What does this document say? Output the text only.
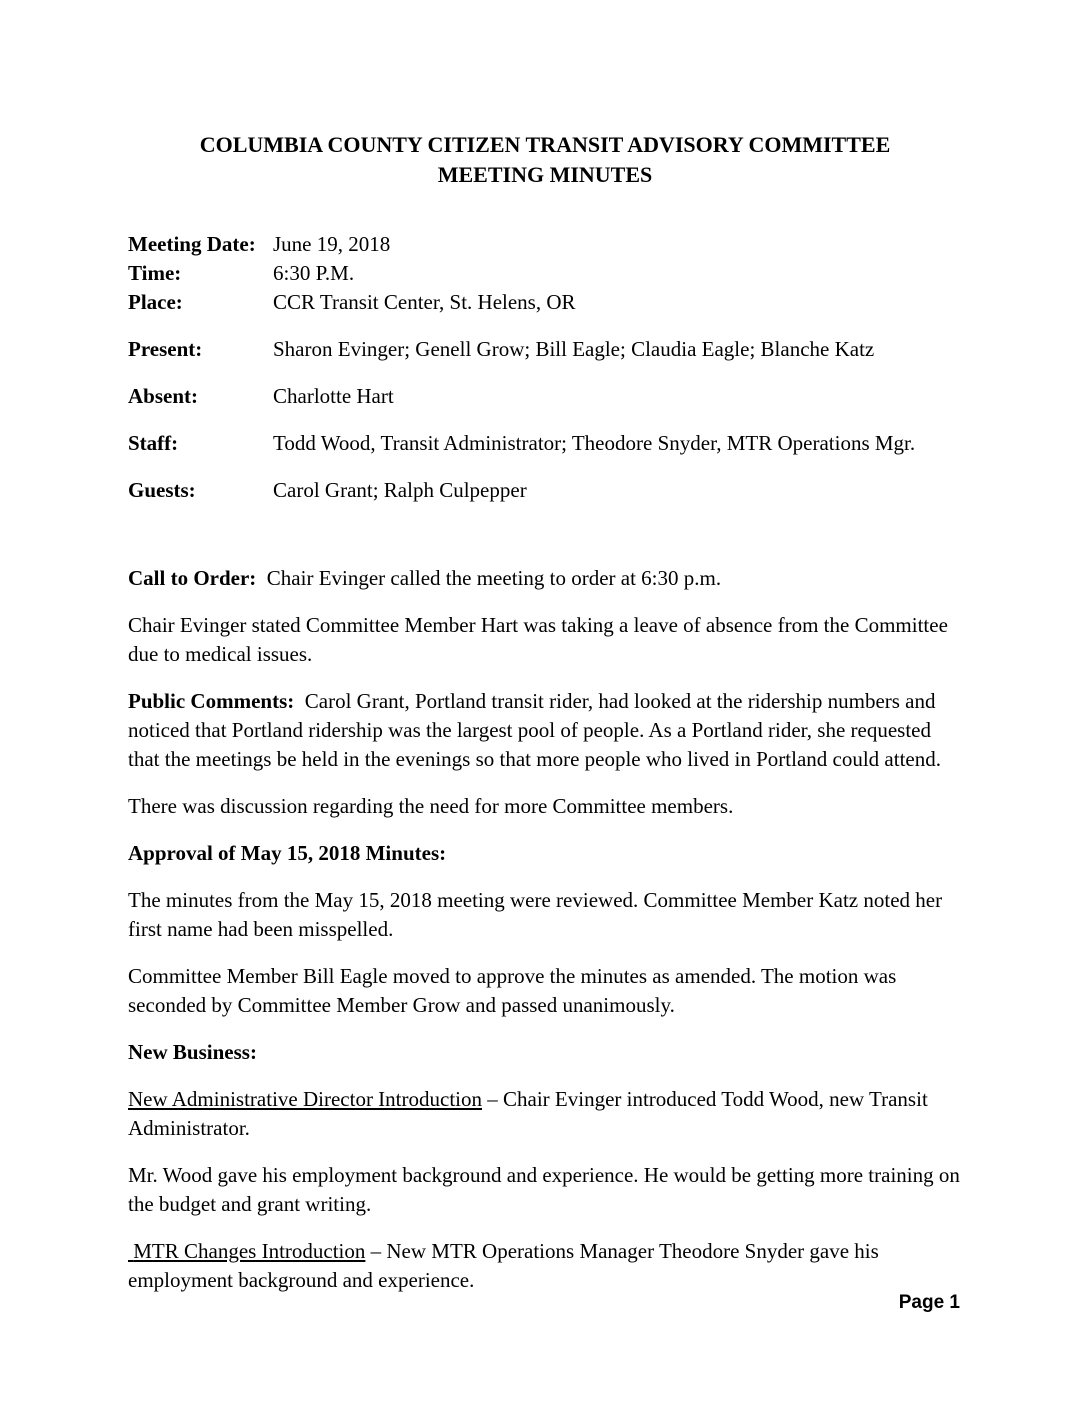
COLUMBIA COUNTY CITIZEN TRANSIT ADVISORY COMMITTEE
MEETING MINUTES
Meeting Date: June 19, 2018
Time:	6:30 P.M.
Place:	CCR Transit Center, St. Helens, OR
Present:	Sharon Evinger; Genell Grow; Bill Eagle; Claudia Eagle; Blanche Katz
Absent:	Charlotte Hart
Staff:	Todd Wood, Transit Administrator; Theodore Snyder, MTR Operations Mgr.
Guests:	Carol Grant; Ralph Culpepper

Call to Order:  Chair Evinger called the meeting to order at 6:30 p.m.

Chair Evinger stated Committee Member Hart was taking a leave of absence from the Committee due to medical issues.

Public Comments:  Carol Grant, Portland transit rider, had looked at the ridership numbers and noticed that Portland ridership was the largest pool of people. As a Portland rider, she requested that the meetings be held in the evenings so that more people who lived in Portland could attend.

There was discussion regarding the need for more Committee members.

Approval of May 15, 2018 Minutes:

The minutes from the May 15, 2018 meeting were reviewed. Committee Member Katz noted her first name had been misspelled.

Committee Member Bill Eagle moved to approve the minutes as amended. The motion was seconded by Committee Member Grow and passed unanimously.

New Business:

New Administrative Director Introduction – Chair Evinger introduced Todd Wood, new Transit Administrator.

Mr. Wood gave his employment background and experience. He would be getting more training on the budget and grant writing.

MTR Changes Introduction – New MTR Operations Manager Theodore Snyder gave his employment background and experience.

Page 1
